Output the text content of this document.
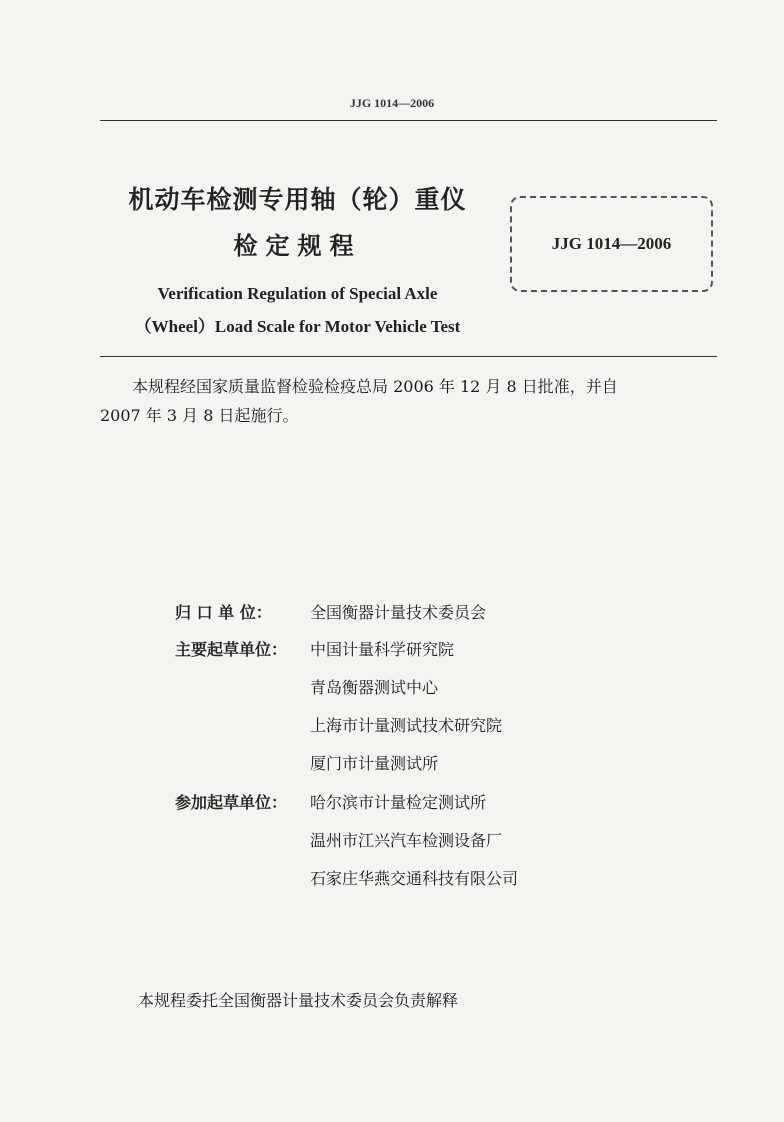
JJG 1014—2006
机动车检测专用轴（轮）重仪
检定规程
Verification Regulation of Special Axle
（Wheel）Load Scale for Motor Vehicle Test
JJG 1014—2006
本规程经国家质量监督检验检疫总局 2006 年 12 月 8 日批准，并自
2007 年 3 月 8 日起施行。
归 口 单 位：	全国衡器计量技术委员会
主要起草单位：	中国计量科学研究院
青岛衡器测试中心
上海市计量测试技术研究院
厦门市计量测试所
参加起草单位：	哈尔滨市计量检定测试所
温州市江兴汽车检测设备厂
石家庄华燕交通科技有限公司
本规程委托全国衡器计量技术委员会负责解释
